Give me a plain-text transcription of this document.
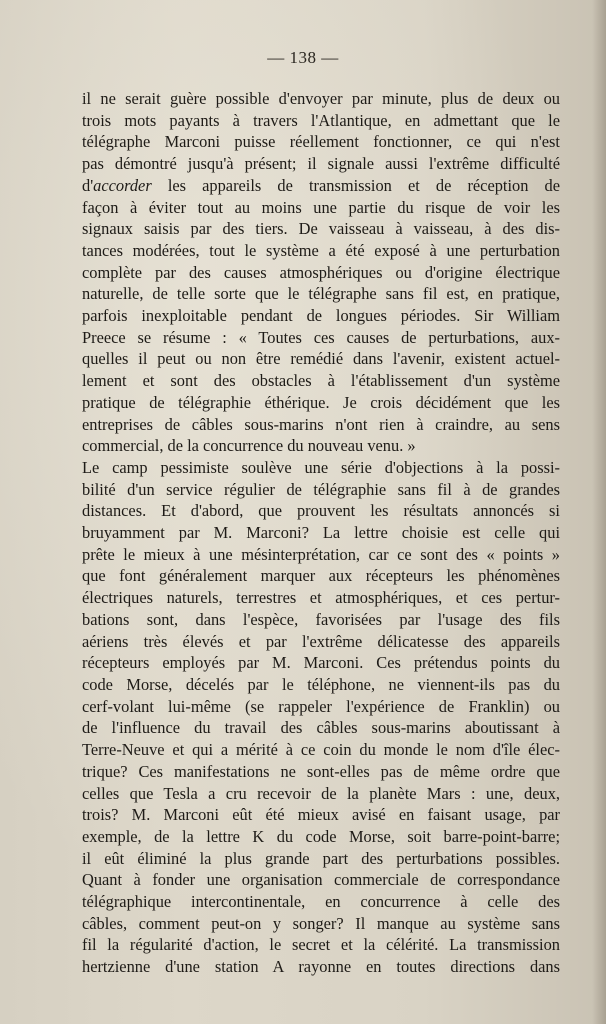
— 138 —

il ne serait guère possible d'envoyer par minute, plus de deux ou
trois mots payants à travers l'Atlantique, en admettant que le
télégraphe Marconi puisse réellement fonctionner, ce qui n'est
pas démontré jusqu'à présent; il signale aussi l'extrême difficulté
d'accorder les appareils de transmission et de réception de
façon à éviter tout au moins une partie du risque de voir les
signaux saisis par des tiers. De vaisseau à vaisseau, à des dis-
tances modérées, tout le système a été exposé à une perturbation
complète par des causes atmosphériques ou d'origine électrique
naturelle, de telle sorte que le télégraphe sans fil est, en pratique,
parfois inexploitable pendant de longues périodes. Sir William
Preece se résume : « Toutes ces causes de perturbations, aux-
quelles il peut ou non être remédié dans l'avenir, existent actuel-
lement et sont des obstacles à l'établissement d'un système
pratique de télégraphie éthérique. Je crois décidément que les
entreprises de câbles sous-marins n'ont rien à craindre, au sens
commercial, de la concurrence du nouveau venu. »

Le camp pessimiste soulève une série d'objections à la possi-
bilité d'un service régulier de télégraphie sans fil à de grandes
distances. Et d'abord, que prouvent les résultats annoncés si
bruyamment par M. Marconi? La lettre choisie est celle qui
prête le mieux à une mésinterprétation, car ce sont des « points »
que font généralement marquer aux récepteurs les phénomènes
électriques naturels, terrestres et atmosphériques, et ces pertur-
bations sont, dans l'espèce, favorisées par l'usage des fils
aériens très élevés et par l'extrême délicatesse des appareils
récepteurs employés par M. Marconi. Ces prétendus points du
code Morse, décelés par le téléphone, ne viennent-ils pas du
cerf-volant lui-même (se rappeler l'expérience de Franklin) ou
de l'influence du travail des câbles sous-marins aboutissant à
Terre-Neuve et qui a mérité à ce coin du monde le nom d'île élec-
trique? Ces manifestations ne sont-elles pas de même ordre que
celles que Tesla a cru recevoir de la planète Mars : une, deux,
trois? M. Marconi eût été mieux avisé en faisant usage, par
exemple, de la lettre K du code Morse, soit barre-point-barre;
il eût éliminé la plus grande part des perturbations possibles.
Quant à fonder une organisation commerciale de correspondance
télégraphique intercontinentale, en concurrence à celle des
câbles, comment peut-on y songer? Il manque au système sans
fil la régularité d'action, le secret et la célérité. La transmission
hertzienne d'une station A rayonne en toutes directions dans
